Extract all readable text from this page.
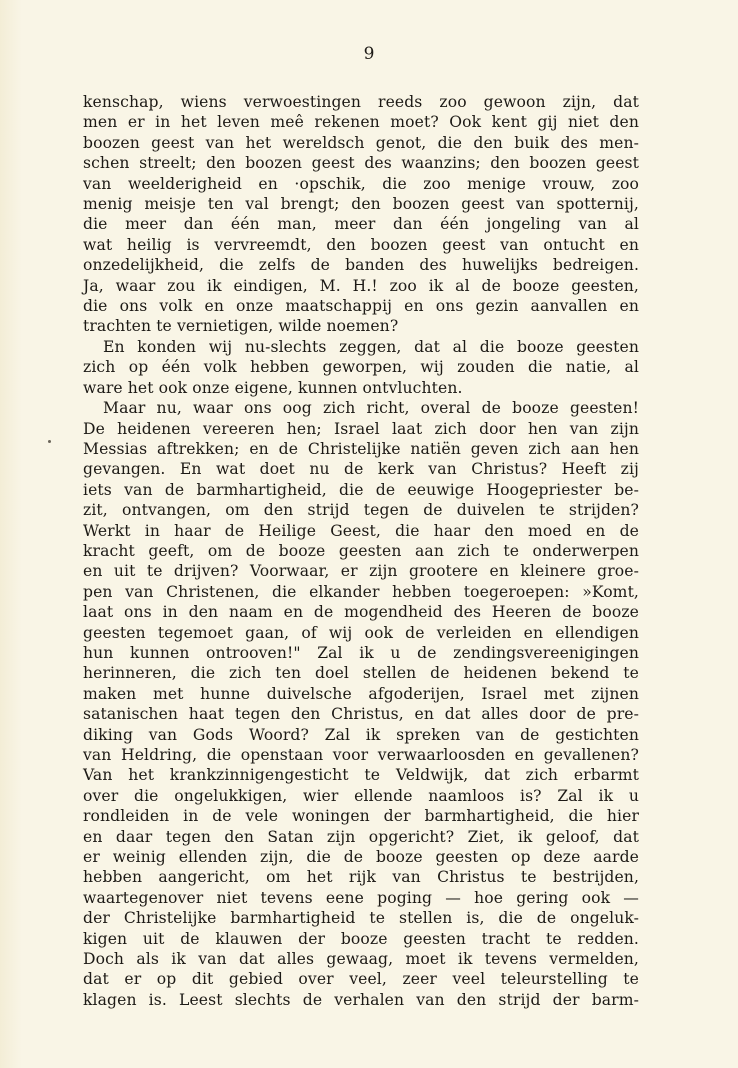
9
kenschap, wiens verwoestingen reeds zoo gewoon zijn, dat
men er in het leven meê rekenen moet? Ook kent gij niet den
boozen geest van het wereldsch genot, die den buik des men-
schen streelt; den boozen geest des waanzins; den boozen geest
van weelderigheid en ·opschik, die zoo menige vrouw, zoo
menig meisje ten val brengt; den boozen geest van spotternij,
die meer dan één man, meer dan één jongeling van al
wat heilig is vervreemdt, den boozen geest van ontucht en
onzedelijkheid, die zelfs de banden des huwelijks bedreigen.
Ja, waar zou ik eindigen, M. H.! zoo ik al de booze geesten,
die ons volk en onze maatschappij en ons gezin aanvallen en
trachten te vernietigen, wilde noemen?
En konden wij nu-slechts zeggen, dat al die booze geesten
zich op één volk hebben geworpen, wij zouden die natie, al
ware het ook onze eigene, kunnen ontvluchten.
Maar nu, waar ons oog zich richt, overal de booze geesten!
De heidenen vereeren hen; Israel laat zich door hen van zijn
Messias aftrekken; en de Christelijke natiën geven zich aan hen
gevangen. En wat doet nu de kerk van Christus? Heeft zij
iets van de barmhartigheid, die de eeuwige Hoogepriester be-
zit, ontvangen, om den strijd tegen de duivelen te strijden?
Werkt in haar de Heilige Geest, die haar den moed en de
kracht geeft, om de booze geesten aan zich te onderwerpen
en uit te drijven? Voorwaar, er zijn grootere en kleinere groe-
pen van Christenen, die elkander hebben toegeroepen: »Komt,
laat ons in den naam en de mogendheid des Heeren de booze
geesten tegemoet gaan, of wij ook de verleiden en ellendigen
hun kunnen ontrooven!" Zal ik u de zendingsvereenigingen
herinneren, die zich ten doel stellen de heidenen bekend te
maken met hunne duivelsche afgoderijen, Israel met zijnen
satanischen haat tegen den Christus, en dat alles door de pre-
diking van Gods Woord? Zal ik spreken van de gestichten
van Heldring, die openstaan voor verwaarloosden en gevallenen?
Van het krankzinnigengesticht te Veldwijk, dat zich erbarmt
over die ongelukkigen, wier ellende naamloos is? Zal ik u
rondleiden in de vele woningen der barmhartigheid, die hier
en daar tegen den Satan zijn opgericht? Ziet, ik geloof, dat
er weinig ellenden zijn, die de booze geesten op deze aarde
hebben aangericht, om het rijk van Christus te bestrijden,
waartegenover niet tevens eene poging — hoe gering ook —
der Christelijke barmhartigheid te stellen is, die de ongeluk-
kigen uit de klauwen der booze geesten tracht te redden.
Doch als ik van dat alles gewaag, moet ik tevens vermelden,
dat er op dit gebied over veel, zeer veel teleurstelling te
klagen is. Leest slechts de verhalen van den strijd der barm-
